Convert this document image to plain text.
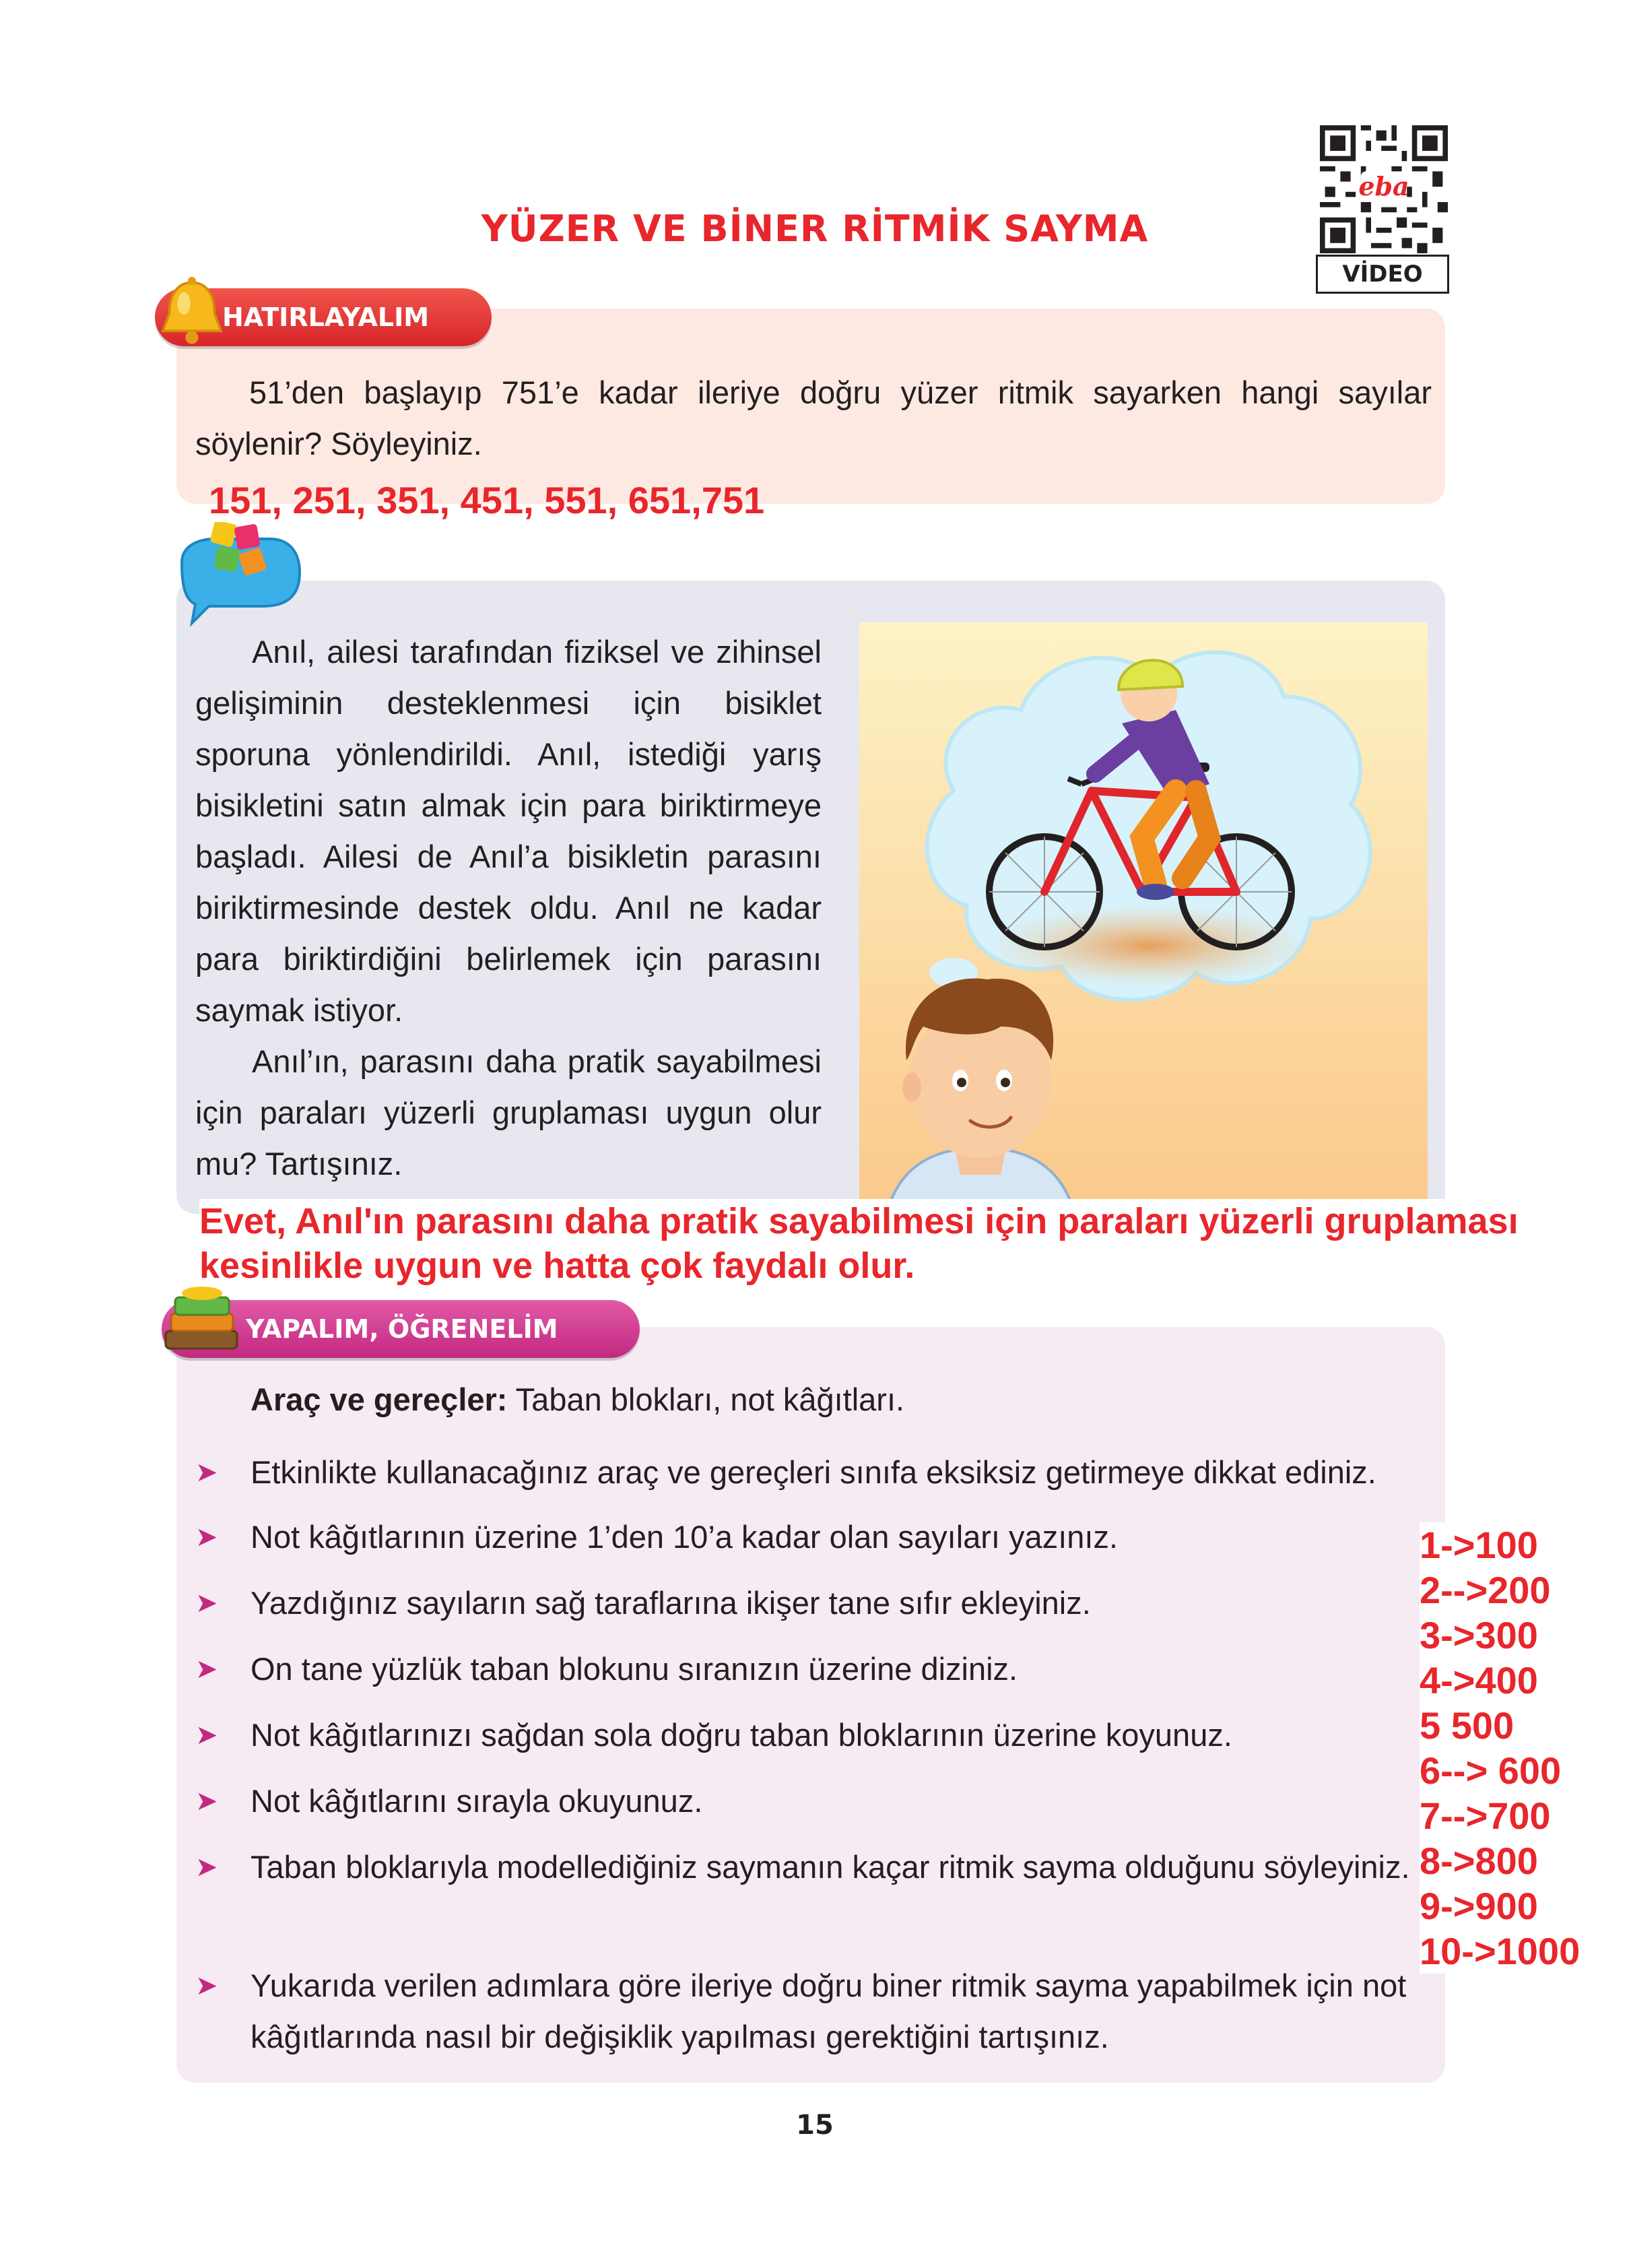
YÜZER VE BİNER RİTMİK SAYMA
eba
VİDEO
HATIRLAYALIM
51’den başlayıp 751’e kadar ileriye doğru yüzer ritmik sayarken hangi sayılar söylenir? Söyleyiniz.
151, 251, 351, 451, 551, 651,751

Anıl, ailesi tarafından fiziksel ve zihinsel gelişiminin desteklenmesi için bisiklet sporuna yönlendirildi. Anıl, istediği yarış bisikletini satın almak için para biriktirmeye başladı. Ailesi de Anıl’a bisikletin parasını biriktirmesinde destek oldu. Anıl ne kadar para biriktirdiğini belirlemek için parasını saymak istiyor.

Anıl’ın, parasını daha pratik sayabilmesi için paraları yüzerli gruplaması uygun olur mu? Tartışınız.

Evet, Anıl'ın parasını daha pratik sayabilmesi için paraları yüzerli gruplaması
kesinlikle uygun ve hatta çok faydalı olur.
YAPALIM, ÖĞRENELİM
Araç ve gereçler: Taban blokları, not kâğıtları.
➤ Etkinlikte kullanacağınız araç ve gereçleri sınıfa eksiksiz getirmeye dikkat ediniz.
➤ Not kâğıtlarının üzerine 1’den 10’a kadar olan sayıları yazınız.
➤ Yazdığınız sayıların sağ taraflarına ikişer tane sıfır ekleyiniz.
➤ On tane yüzlük taban blokunu sıranızın üzerine diziniz.
➤ Not kâğıtlarınızı sağdan sola doğru taban bloklarının üzerine koyunuz.
➤ Not kâğıtlarını sırayla okuyunuz.
➤ Taban bloklarıyla modellediğiniz saymanın kaçar ritmik sayma olduğunu söyleyiniz.
➤ Yukarıda verilen adımlara göre ileriye doğru biner ritmik sayma yapabilmek için not kâğıtlarında nasıl bir değişiklik yapılması gerektiğini tartışınız.
1->100
2-->200
3->300
4->400
5 500
6--> 600
7-->700
8->800
9->900
10->1000
15
